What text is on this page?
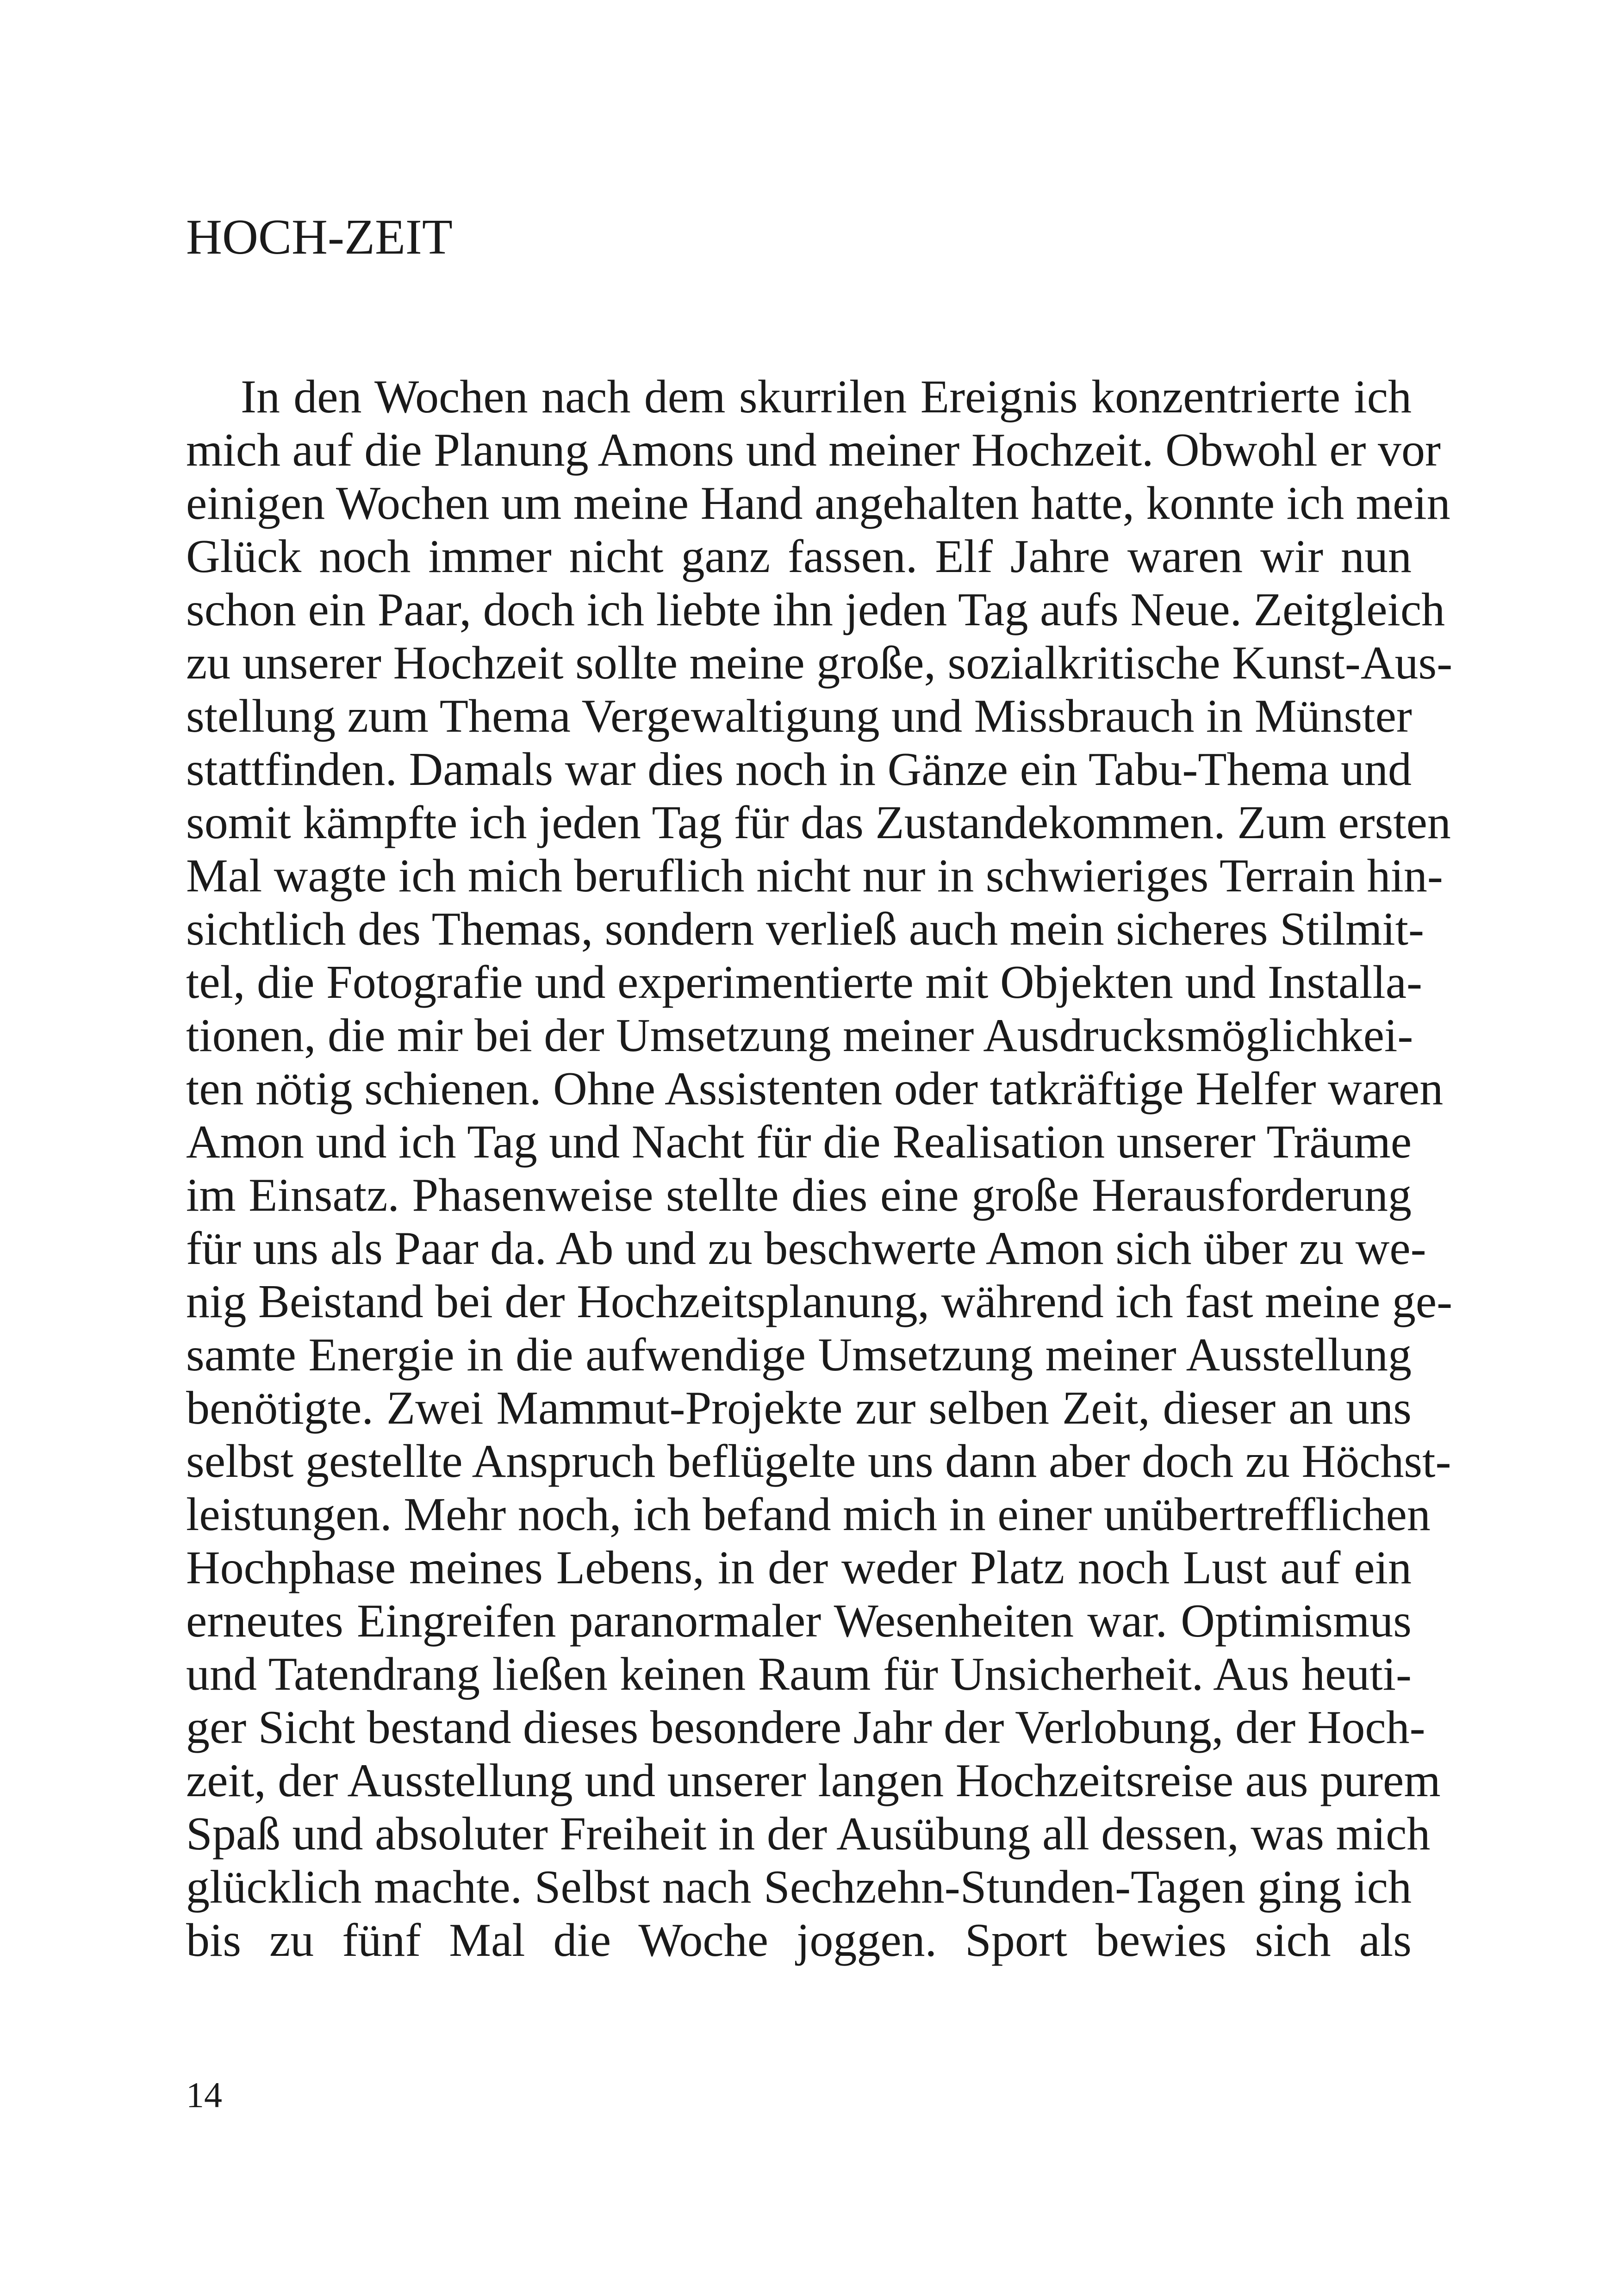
HOCH-ZEIT
In den Wochen nach dem skurrilen Ereignis konzentrierte ich
mich auf die Planung Amons und meiner Hochzeit. Obwohl er vor
einigen Wochen um meine Hand angehalten hatte, konnte ich mein
Glück noch immer nicht ganz fassen. Elf Jahre waren wir nun
schon ein Paar, doch ich liebte ihn jeden Tag aufs Neue. Zeitgleich
zu unserer Hochzeit sollte meine große, sozialkritische Kunst-Aus-
stellung zum Thema Vergewaltigung und Missbrauch in Münster
stattfinden. Damals war dies noch in Gänze ein Tabu-Thema und
somit kämpfte ich jeden Tag für das Zustandekommen. Zum ersten
Mal wagte ich mich beruflich nicht nur in schwieriges Terrain hin-
sichtlich des Themas, sondern verließ auch mein sicheres Stilmit-
tel, die Fotografie und experimentierte mit Objekten und Installa-
tionen, die mir bei der Umsetzung meiner Ausdrucksmöglichkei-
ten nötig schienen. Ohne Assistenten oder tatkräftige Helfer waren
Amon und ich Tag und Nacht für die Realisation unserer Träume
im Einsatz. Phasenweise stellte dies eine große Herausforderung
für uns als Paar da. Ab und zu beschwerte Amon sich über zu we-
nig Beistand bei der Hochzeitsplanung, während ich fast meine ge-
samte Energie in die aufwendige Umsetzung meiner Ausstellung
benötigte. Zwei Mammut-Projekte zur selben Zeit, dieser an uns
selbst gestellte Anspruch beflügelte uns dann aber doch zu Höchst-
leistungen. Mehr noch, ich befand mich in einer unübertrefflichen
Hochphase meines Lebens, in der weder Platz noch Lust auf ein
erneutes Eingreifen paranormaler Wesenheiten war. Optimismus
und Tatendrang ließen keinen Raum für Unsicherheit. Aus heuti-
ger Sicht bestand dieses besondere Jahr der Verlobung, der Hoch-
zeit, der Ausstellung und unserer langen Hochzeitsreise aus purem
Spaß und absoluter Freiheit in der Ausübung all dessen, was mich
glücklich machte. Selbst nach Sechzehn-Stunden-Tagen ging ich
bis zu fünf Mal die Woche joggen. Sport bewies sich als
14
